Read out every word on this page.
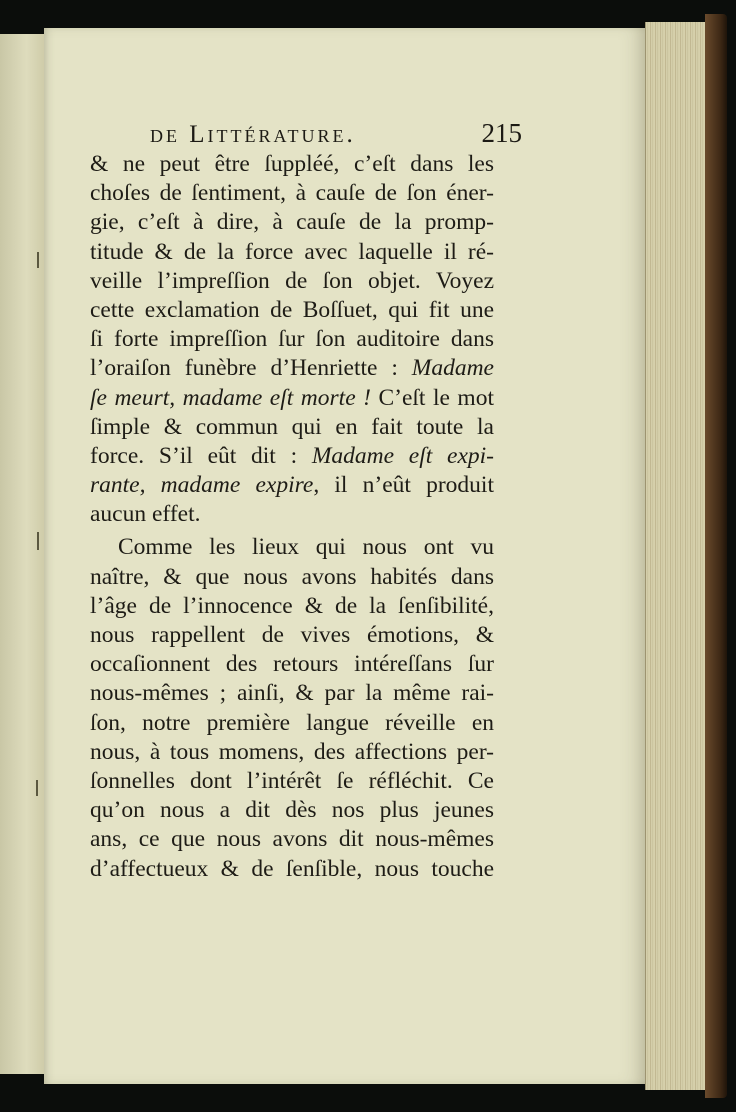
de Littérature.	215
& ne peut être ſuppléé, c’eſt dans les
choſes de ſentiment, à cauſe de ſon éner-
gie, c’eſt à dire, à cauſe de la promp-
titude & de la force avec laquelle il ré-
veille l’impreſſion de ſon objet. Voyez
cette exclamation de Boſſuet, qui fit une
ſi forte impreſſion ſur ſon auditoire dans
l’oraiſon funèbre d’Henriette : Madame
ſe meurt, madame eſt morte ! C’eſt le mot
ſimple & commun qui en fait toute la
force. S’il eût dit : Madame eſt expi-
rante, madame expire, il n’eût produit
aucun effet.
Comme les lieux qui nous ont vu
naître, & que nous avons habités dans
l’âge de l’innocence & de la ſenſibilité,
nous rappellent de vives émotions, &
occaſionnent des retours intéreſſans ſur
nous-mêmes ; ainſi, & par la même rai-
ſon, notre première langue réveille en
nous, à tous momens, des affections per-
ſonnelles dont l’intérêt ſe réfléchit. Ce
qu’on nous a dit dès nos plus jeunes
ans, ce que nous avons dit nous-mêmes
d’affectueux & de ſenſible, nous touche
